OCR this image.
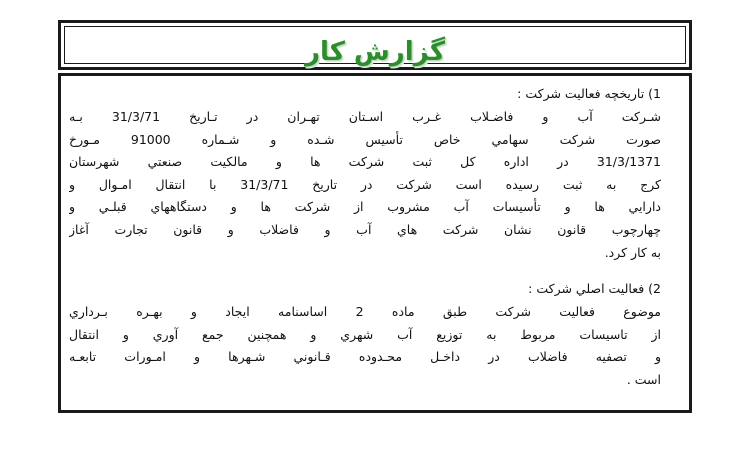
گزارش کار
1) تاريخچه فعاليت شرکت :
شـرکت آب و فاضـلاب غـرب اسـتان تهـران در تـاريخ 31/3/71 بـه
صورت شرکت سهامي خاص تأسيس شـده و شـماره 91000 مـورخ
31/3/1371 در اداره کل ثبت شرکت ها و مالکيت صنعتي شهرستان
کرج به ثبت رسيده است شرکت در تاريخ 31/3/71 با انتقال امـوال و
دارايي ها و تأسيسات آب مشروب از شرکت ها و دستگاههاي قبلـي و
چهارچوب قانون نشان شرکت هاي آب و فاضلاب و قانون تجارت آغاز
به کار کرد.
2) فعاليت اصلي شرکت :
موضوع فعاليت شرکت طبق ماده 2 اساسنامه ايجاد و بهـره بـرداري
از تاسيسات مربوط به توزيع آب شهري و همچنين جمع آوري و انتقال
و تصفيه فاضلاب در داخـل محـدوده قـانوني شـهرها و امـورات تابعـه
است .
